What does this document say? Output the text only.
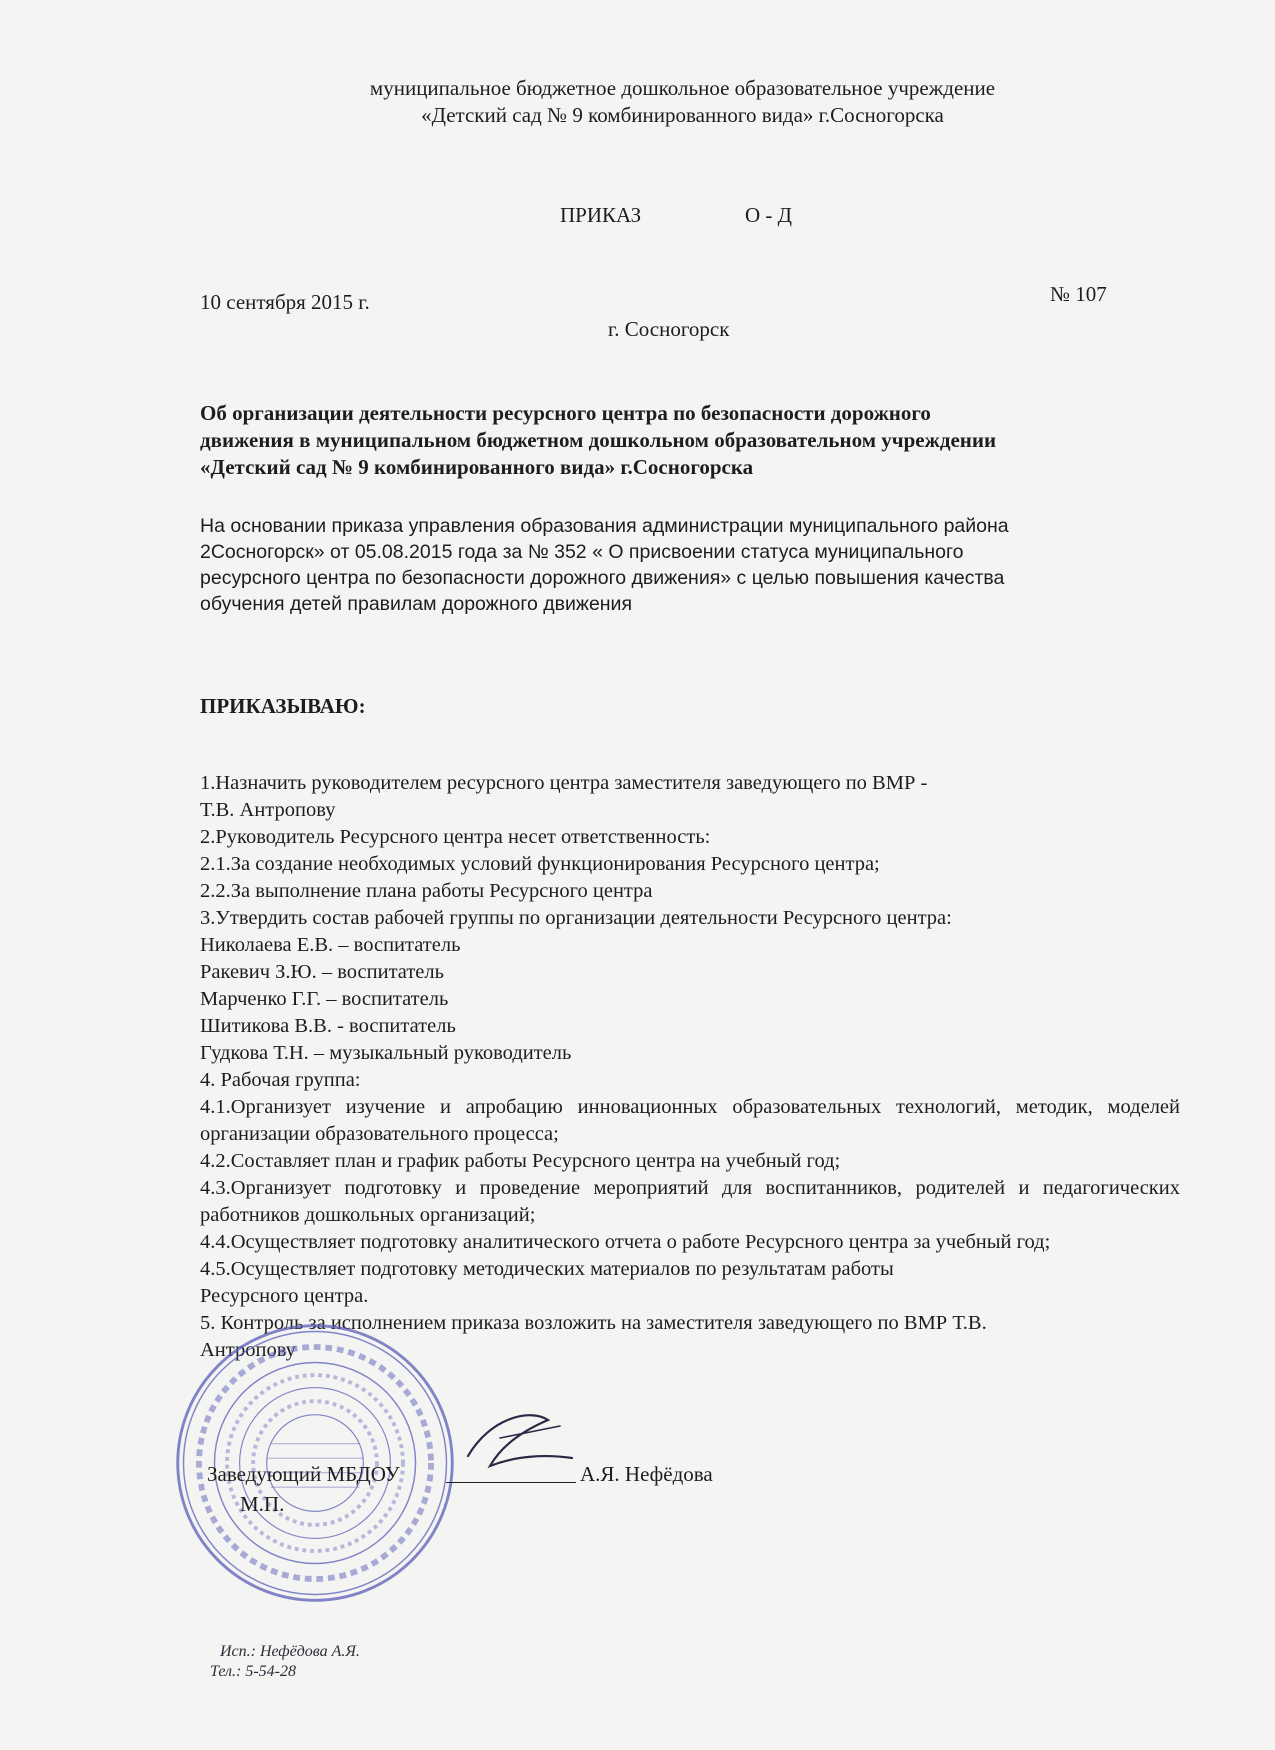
муниципальное бюджетное дошкольное образовательное учреждение
«Детский сад № 9 комбинированного вида» г.Сосногорска
ПРИКАЗ	О - Д
10 сентября 2015 г.	№ 107
г. Сосногорск
Об организации деятельности ресурсного центра по безопасности дорожного
движения в муниципальном бюджетном дошкольном образовательном учреждении
«Детский сад № 9 комбинированного вида» г.Сосногорска
На основании приказа управления образования администрации муниципального района
2Сосногорск» от 05.08.2015 года за № 352 « О присвоении статуса муниципального
ресурсного центра по безопасности дорожного движения» с целью повышения качества
обучения детей правилам дорожного движения
ПРИКАЗЫВАЮ:
1.Назначить руководителем ресурсного центра заместителя заведующего по ВМР -
Т.В. Антропову
2.Руководитель Ресурсного центра несет ответственность:
2.1.За создание необходимых условий функционирования Ресурсного центра;
2.2.За выполнение плана работы Ресурсного центра
3.Утвердить состав рабочей группы по организации деятельности Ресурсного центра:
Николаева Е.В. – воспитатель
Ракевич З.Ю. – воспитатель
Марченко Г.Г. – воспитатель
Шитикова В.В. - воспитатель
Гудкова Т.Н. – музыкальный руководитель
4. Рабочая группа:
4.1.Организует изучение и апробацию инновационных образовательных технологий, методик, моделей организации образовательного процесса;
4.2.Составляет план и график работы Ресурсного центра на учебный год;
4.3.Организует подготовку и проведение мероприятий для воспитанников, родителей и педагогических работников дошкольных организаций;
4.4.Осуществляет подготовку аналитического отчета о работе Ресурсного центра за учебный год;
4.5.Осуществляет подготовку методических материалов по результатам работы
Ресурсного центра.
5. Контроль за исполнением приказа возложить на заместителя заведующего по ВМР Т.В.
Антропову
Заведующий МБДОУ	А.Я. Нефёдова
М.П.
Исп.: Нефёдова А.Я.
Тел.: 5-54-28
